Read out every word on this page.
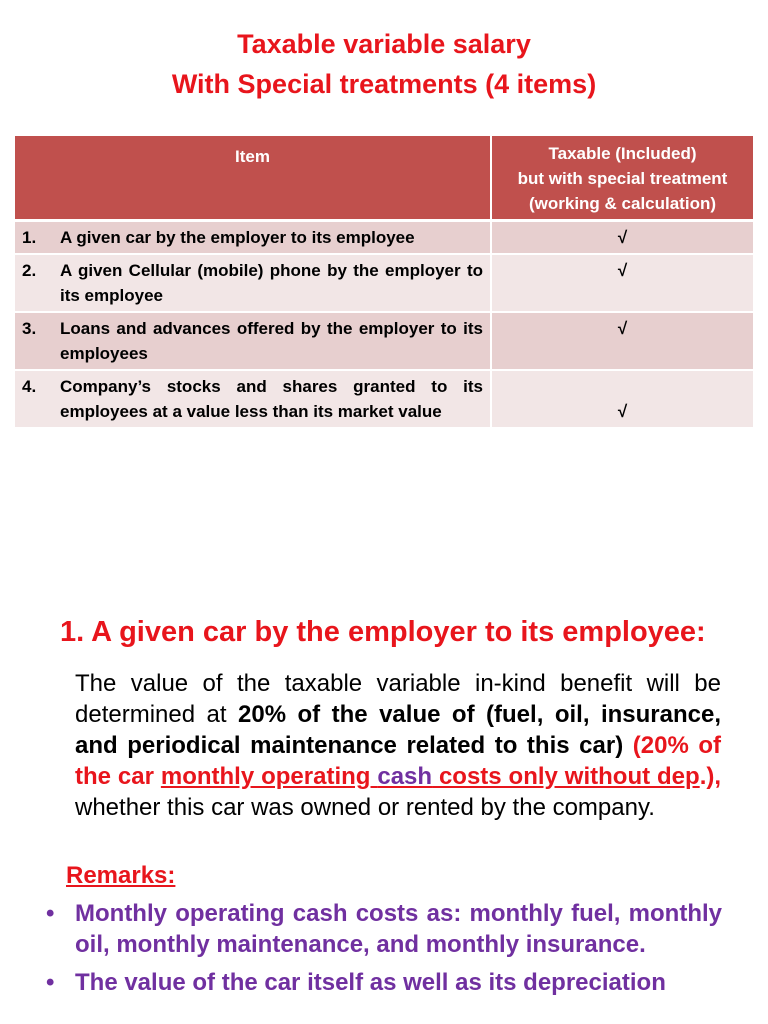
Taxable variable salary
With Special treatments (4 items)
Item	Taxable (Included)
but with special treatment
(working & calculation)

1. A given car by the employer to its employee	√

2. A given Cellular (mobile) phone by the employer to its employee	√

3. Loans and advances offered by the employer to its employees	√

4. Company’s stocks and shares granted to its employees at a value less than its market value	√
1. A given car by the employer to its employee:
The value of the taxable variable in-kind benefit will be determined at 20% of the value of (fuel, oil, insurance, and periodical maintenance related to this car) (20% of the car monthly operating cash costs only without dep.), whether this car was owned or rented by the company.
Remarks:
• Monthly operating cash costs as: monthly fuel, monthly oil, monthly maintenance, and monthly insurance.
• The value of the car itself as well as its depreciation
